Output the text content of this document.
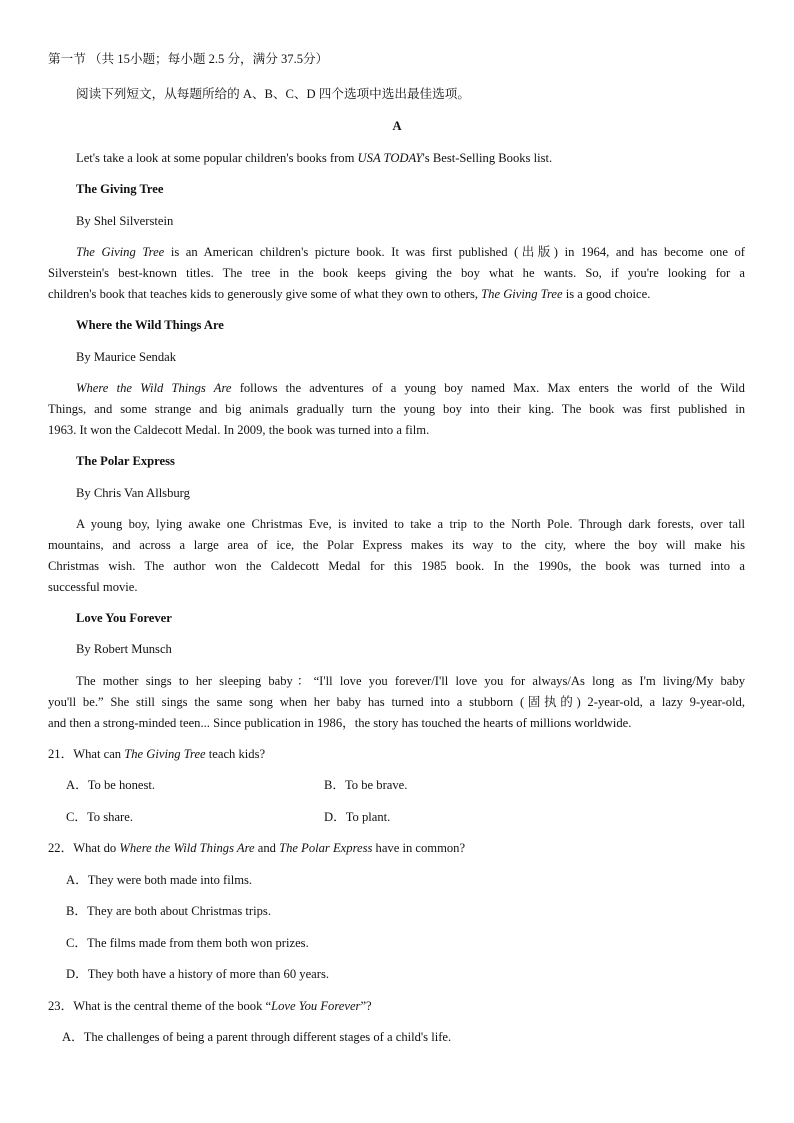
第一节 （共 15小题；每小题 2.5 分，满分 37.5分）
阅读下列短文，从每题所给的 A、B、C、D 四个选项中选出最佳选项。
A
Let's take a look at some popular children's books from USA TODAY's Best-Selling Books list.
The Giving Tree
By Shel Silverstein
The Giving Tree is an American children's picture book. It was first published (出版) in 1964, and has become one of
Silverstein's best-known titles. The tree in the book keeps giving the boy what he wants. So, if you're looking for a
children's book that teaches kids to generously give some of what they own to others, The Giving Tree is a good choice.
Where the Wild Things Are
By Maurice Sendak
Where the Wild Things Are follows the adventures of a young boy named Max. Max enters the world of the Wild
Things, and some strange and big animals gradually turn the young boy into their king. The book was first published in
1963. It won the Caldecott Medal. In 2009, the book was turned into a film.
The Polar Express
By Chris Van Allsburg
A young boy, lying awake one Christmas Eve, is invited to take a trip to the North Pole. Through dark forests, over tall
mountains, and across a large area of ice, the Polar Express makes its way to the city, where the boy will make his
Christmas wish. The author won the Caldecott Medal for this 1985 book. In the 1990s, the book was turned into a
successful movie.
Love You Forever
By Robert Munsch
The mother sings to her sleeping baby：“I'll love you forever/I'll love you for always/As long as I'm living/My baby
you'll be.” She still sings the same song when her baby has turned into a stubborn (固执的) 2-year-old, a lazy 9-year-old,
and then a strong-minded teen... Since publication in 1986，the story has touched the hearts of millions worldwide.
21．What can The Giving Tree teach kids?
A．To be honest.	B．To be brave.
C．To share.	D．To plant.
22．What do Where the Wild Things Are and The Polar Express have in common?
A．They were both made into films.
B．They are both about Christmas trips.
C．The films made from them both won prizes.
D．They both have a history of more than 60 years.
23．What is the central theme of the book “Love You Forever”?
A．The challenges of being a parent through different stages of a child's life.
